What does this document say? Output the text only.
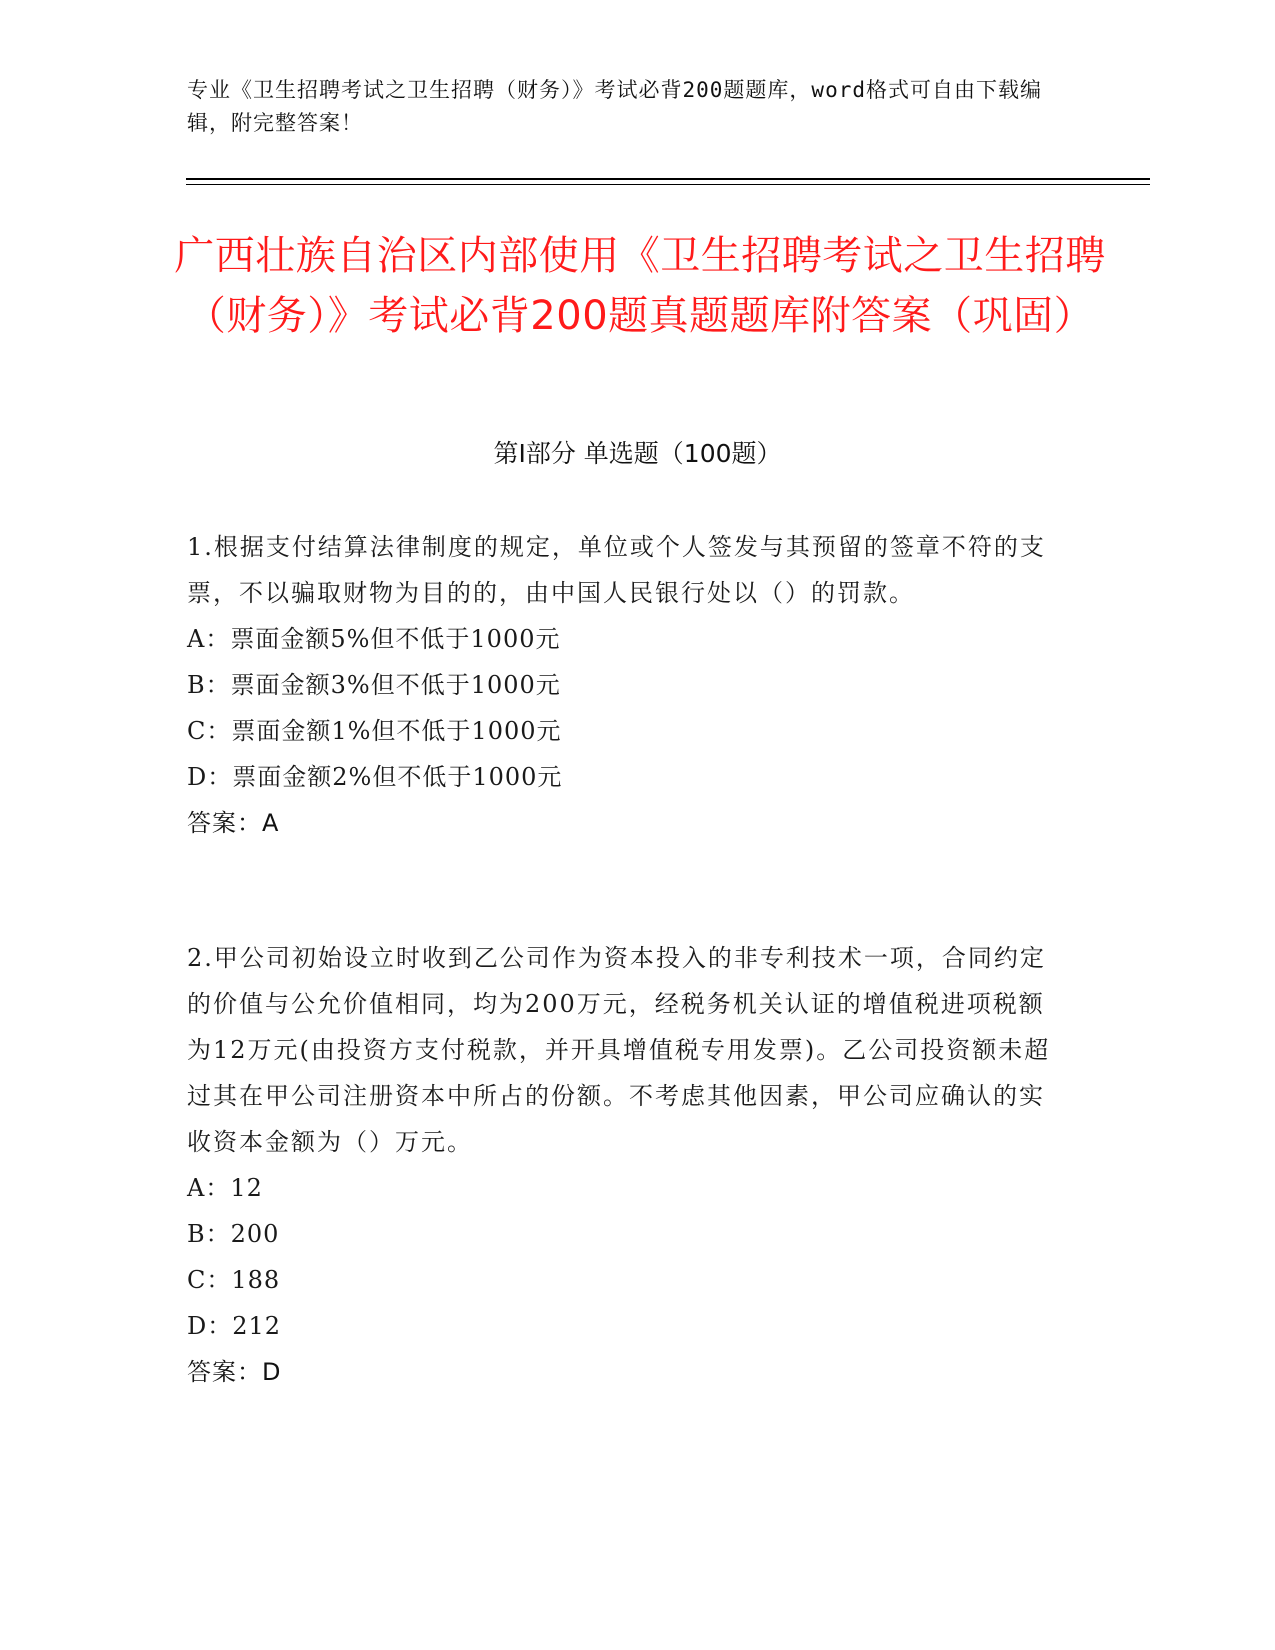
专业《卫生招聘考试之卫生招聘（财务）》考试必背200题题库，word格式可自由下载编辑，附完整答案！
广西壮族自治区内部使用《卫生招聘考试之卫生招聘（财务）》考试必背200题真题题库附答案（巩固）
第Ⅰ部分 单选题（100题）
1.根据支付结算法律制度的规定，单位或个人签发与其预留的签章不符的支票，不以骗取财物为目的的，由中国人民银行处以（）的罚款。
A：票面金额5%但不低于1000元
B：票面金额3%但不低于1000元
C：票面金额1%但不低于1000元
D：票面金额2%但不低于1000元
答案：A
2.甲公司初始设立时收到乙公司作为资本投入的非专利技术一项，合同约定的价值与公允价值相同，均为200万元，经税务机关认证的增值税进项税额为12万元(由投资方支付税款，并开具增值税专用发票)。乙公司投资额未超过其在甲公司注册资本中所占的份额。不考虑其他因素，甲公司应确认的实收资本金额为（）万元。
A：12
B：200
C：188
D：212
答案：D
